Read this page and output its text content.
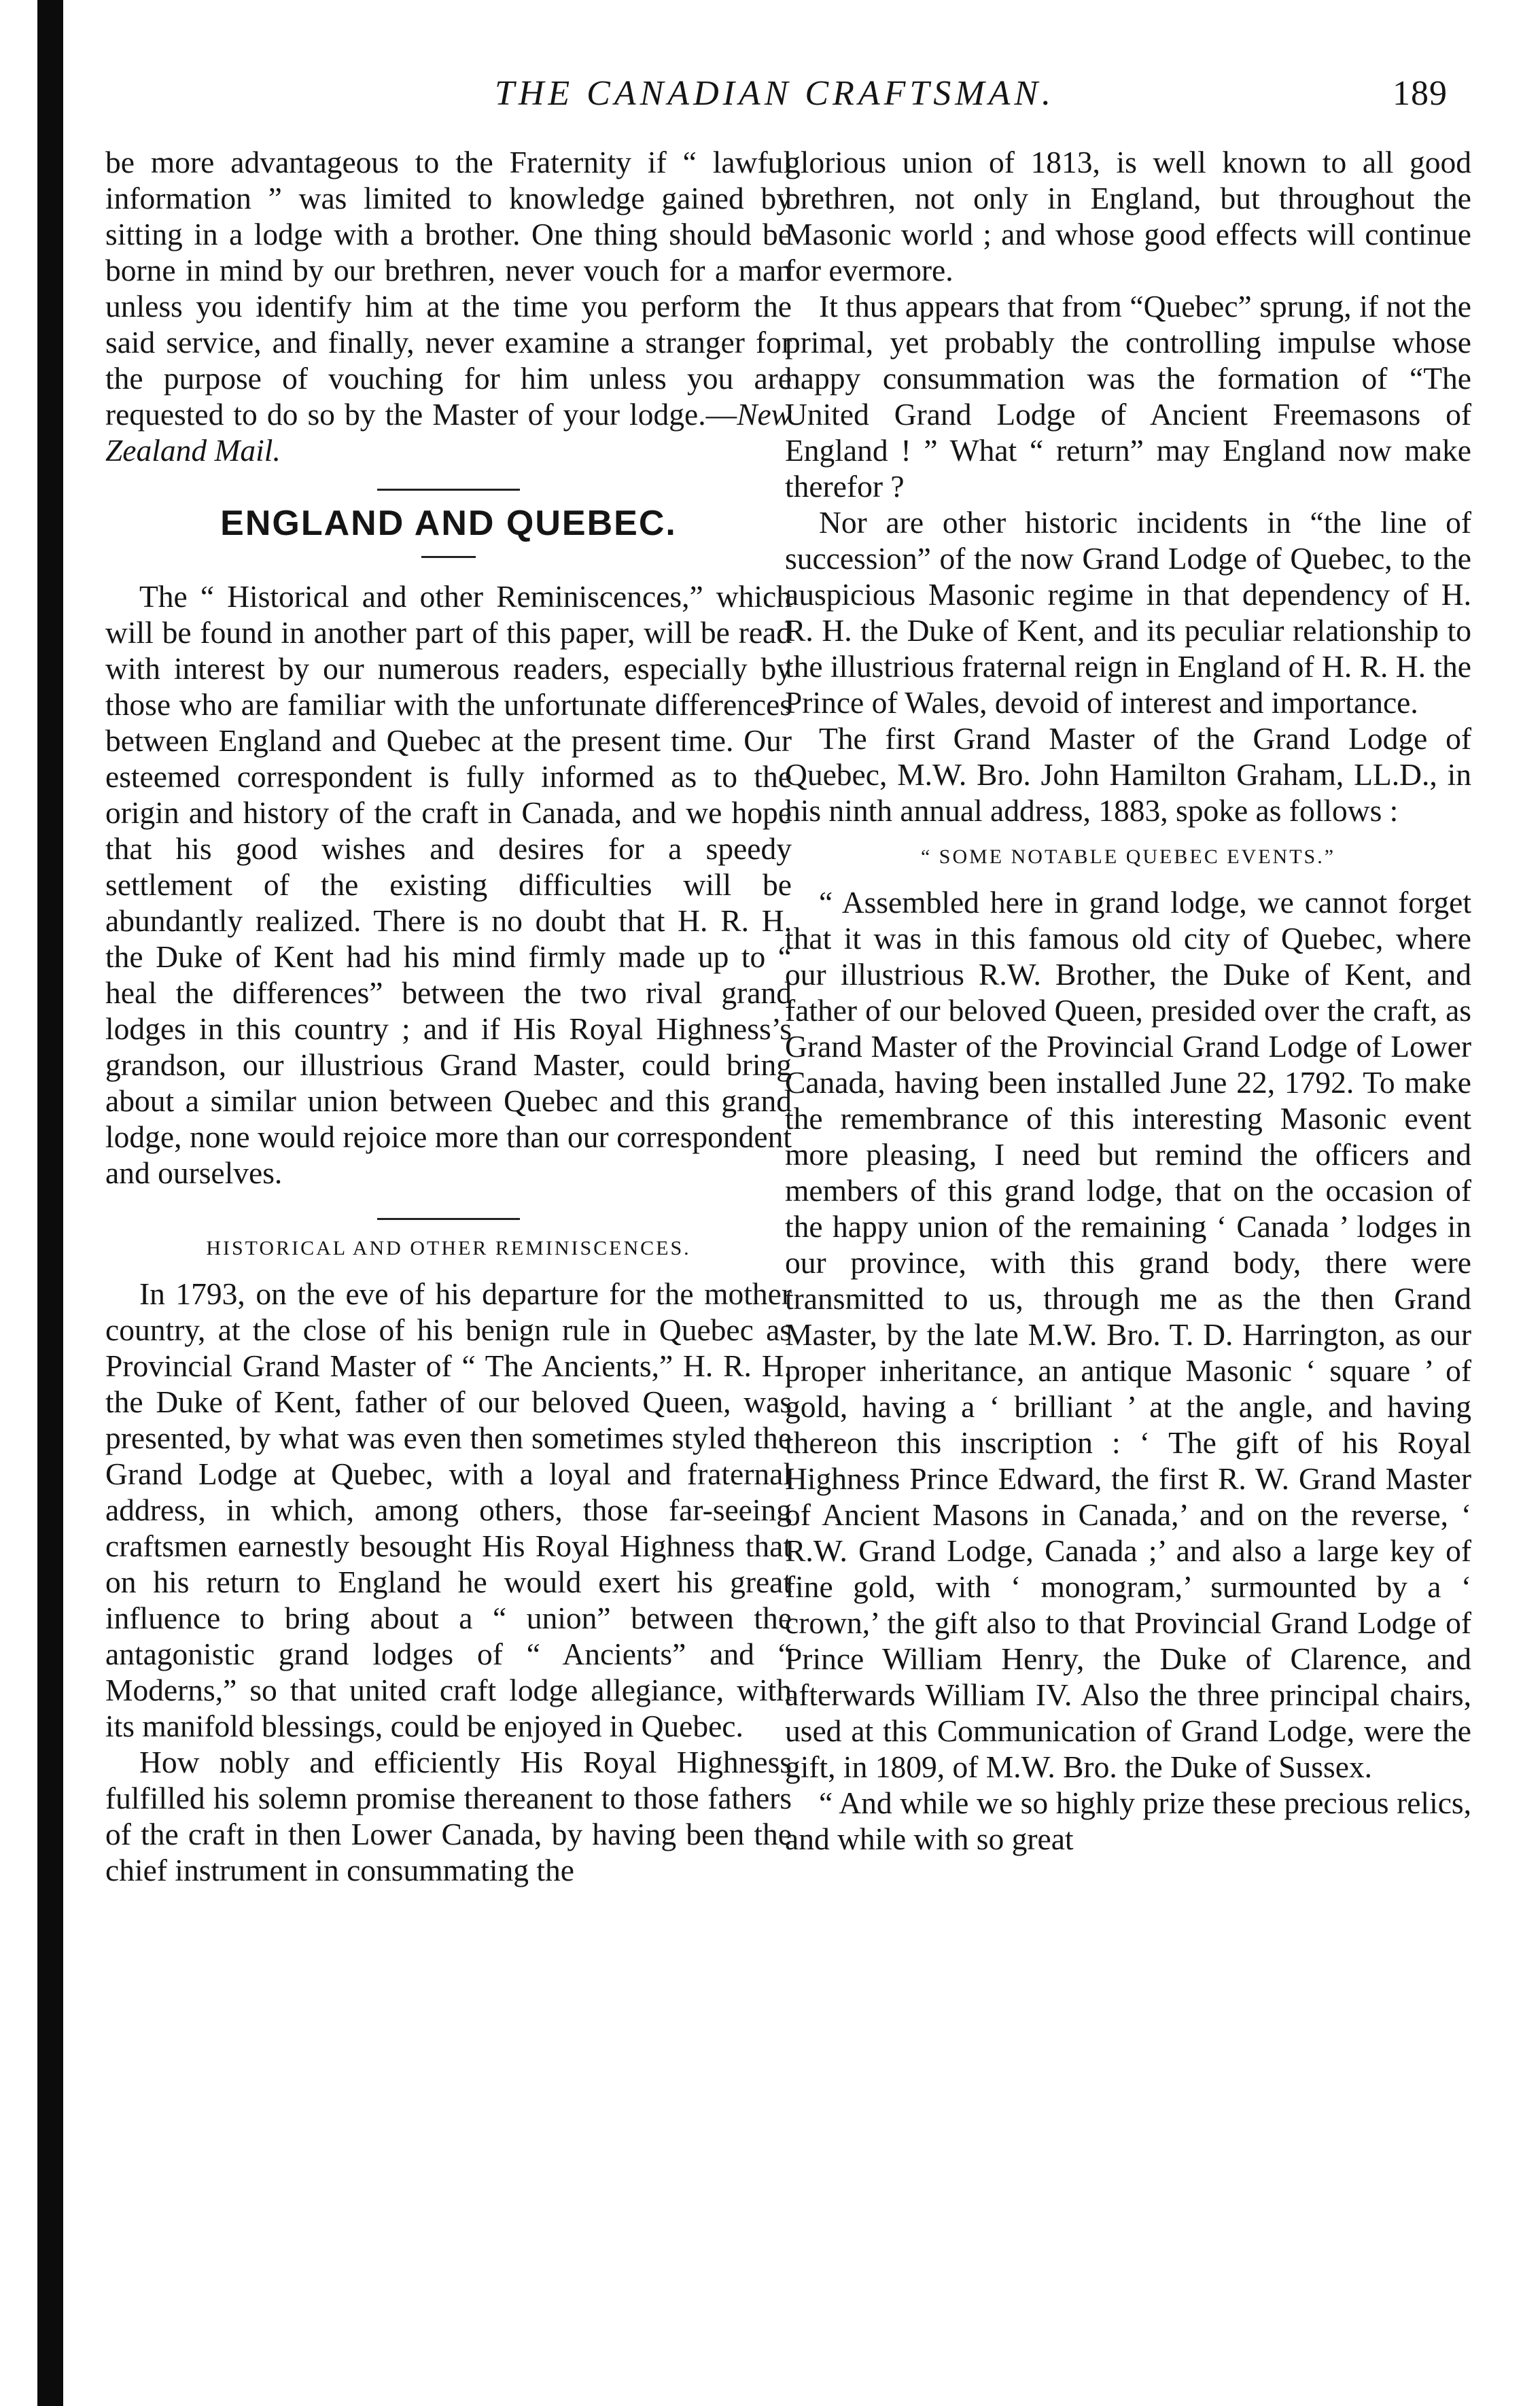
THE CANADIAN CRAFTSMAN.	189

be more advantageous to the Fraternity if “ lawful information ” was limited to knowledge gained by sitting in a lodge with a brother. One thing should be borne in mind by our brethren, never vouch for a man unless you identify him at the time you perform the said service, and finally, never examine a stranger for the purpose of vouching for him unless you are requested to do so by the Master of your lodge.—New Zealand Mail.

ENGLAND AND QUEBEC.

The “ Historical and other Reminiscences,” which will be found in another part of this paper, will be read with interest by our numerous readers, especially by those who are familiar with the unfortunate differences between England and Quebec at the present time. Our esteemed correspondent is fully informed as to the origin and history of the craft in Canada, and we hope that his good wishes and desires for a speedy settlement of the existing difficulties will be abundantly realized. There is no doubt that H. R. H. the Duke of Kent had his mind firmly made up to “ heal the differences” between the two rival grand lodges in this country ; and if His Royal Highness’s grandson, our illustrious Grand Master, could bring about a similar union between Quebec and this grand lodge, none would rejoice more than our correspondent and ourselves.

HISTORICAL AND OTHER REMINISCENCES.

In 1793, on the eve of his departure for the mother country, at the close of his benign rule in Quebec as Provincial Grand Master of “ The Ancients,” H. R. H. the Duke of Kent, father of our beloved Queen, was presented, by what was even then sometimes styled the Grand Lodge at Quebec, with a loyal and fraternal address, in which, among others, those far-seeing craftsmen earnestly besought His Royal Highness that on his return to England he would exert his great influence to bring about a “ union” between the antagonistic grand lodges of “ Ancients” and “ Moderns,” so that united craft lodge allegiance, with its manifold blessings, could be enjoyed in Quebec.

How nobly and efficiently His Royal Highness fulfilled his solemn promise thereanent to those fathers of the craft in then Lower Canada, by having been the chief instrument in consummating the

glorious union of 1813, is well known to all good brethren, not only in England, but throughout the Masonic world ; and whose good effects will continue for evermore.

It thus appears that from “Quebec” sprung, if not the primal, yet probably the controlling impulse whose happy consummation was the formation of “The United Grand Lodge of Ancient Freemasons of England ! ” What “ return” may England now make therefor ?

Nor are other historic incidents in “the line of succession” of the now Grand Lodge of Quebec, to the auspicious Masonic regime in that dependency of H. R. H. the Duke of Kent, and its peculiar relationship to the illustrious fraternal reign in England of H. R. H. the Prince of Wales, devoid of interest and importance.

The first Grand Master of the Grand Lodge of Quebec, M.W. Bro. John Hamilton Graham, LL.D., in his ninth annual address, 1883, spoke as follows :

“ SOME NOTABLE QUEBEC EVENTS.”

“ Assembled here in grand lodge, we cannot forget that it was in this famous old city of Quebec, where our illustrious R.W. Brother, the Duke of Kent, and father of our beloved Queen, presided over the craft, as Grand Master of the Provincial Grand Lodge of Lower Canada, having been installed June 22, 1792. To make the remembrance of this interesting Masonic event more pleasing, I need but remind the officers and members of this grand lodge, that on the occasion of the happy union of the remaining ‘ Canada ’ lodges in our province, with this grand body, there were transmitted to us, through me as the then Grand Master, by the late M.W. Bro. T. D. Harrington, as our proper inheritance, an antique Masonic ‘ square ’ of gold, having a ‘ brilliant ’ at the angle, and having thereon this inscription : ‘ The gift of his Royal Highness Prince Edward, the first R. W. Grand Master of Ancient Masons in Canada,’ and on the reverse, ‘ R.W. Grand Lodge, Canada ;’ and also a large key of fine gold, with ‘ monogram,’ surmounted by a ‘ crown,’ the gift also to that Provincial Grand Lodge of Prince William Henry, the Duke of Clarence, and afterwards William IV. Also the three principal chairs, used at this Communication of Grand Lodge, were the gift, in 1809, of M.W. Bro. the Duke of Sussex.

“ And while we so highly prize these precious relics, and while with so great
